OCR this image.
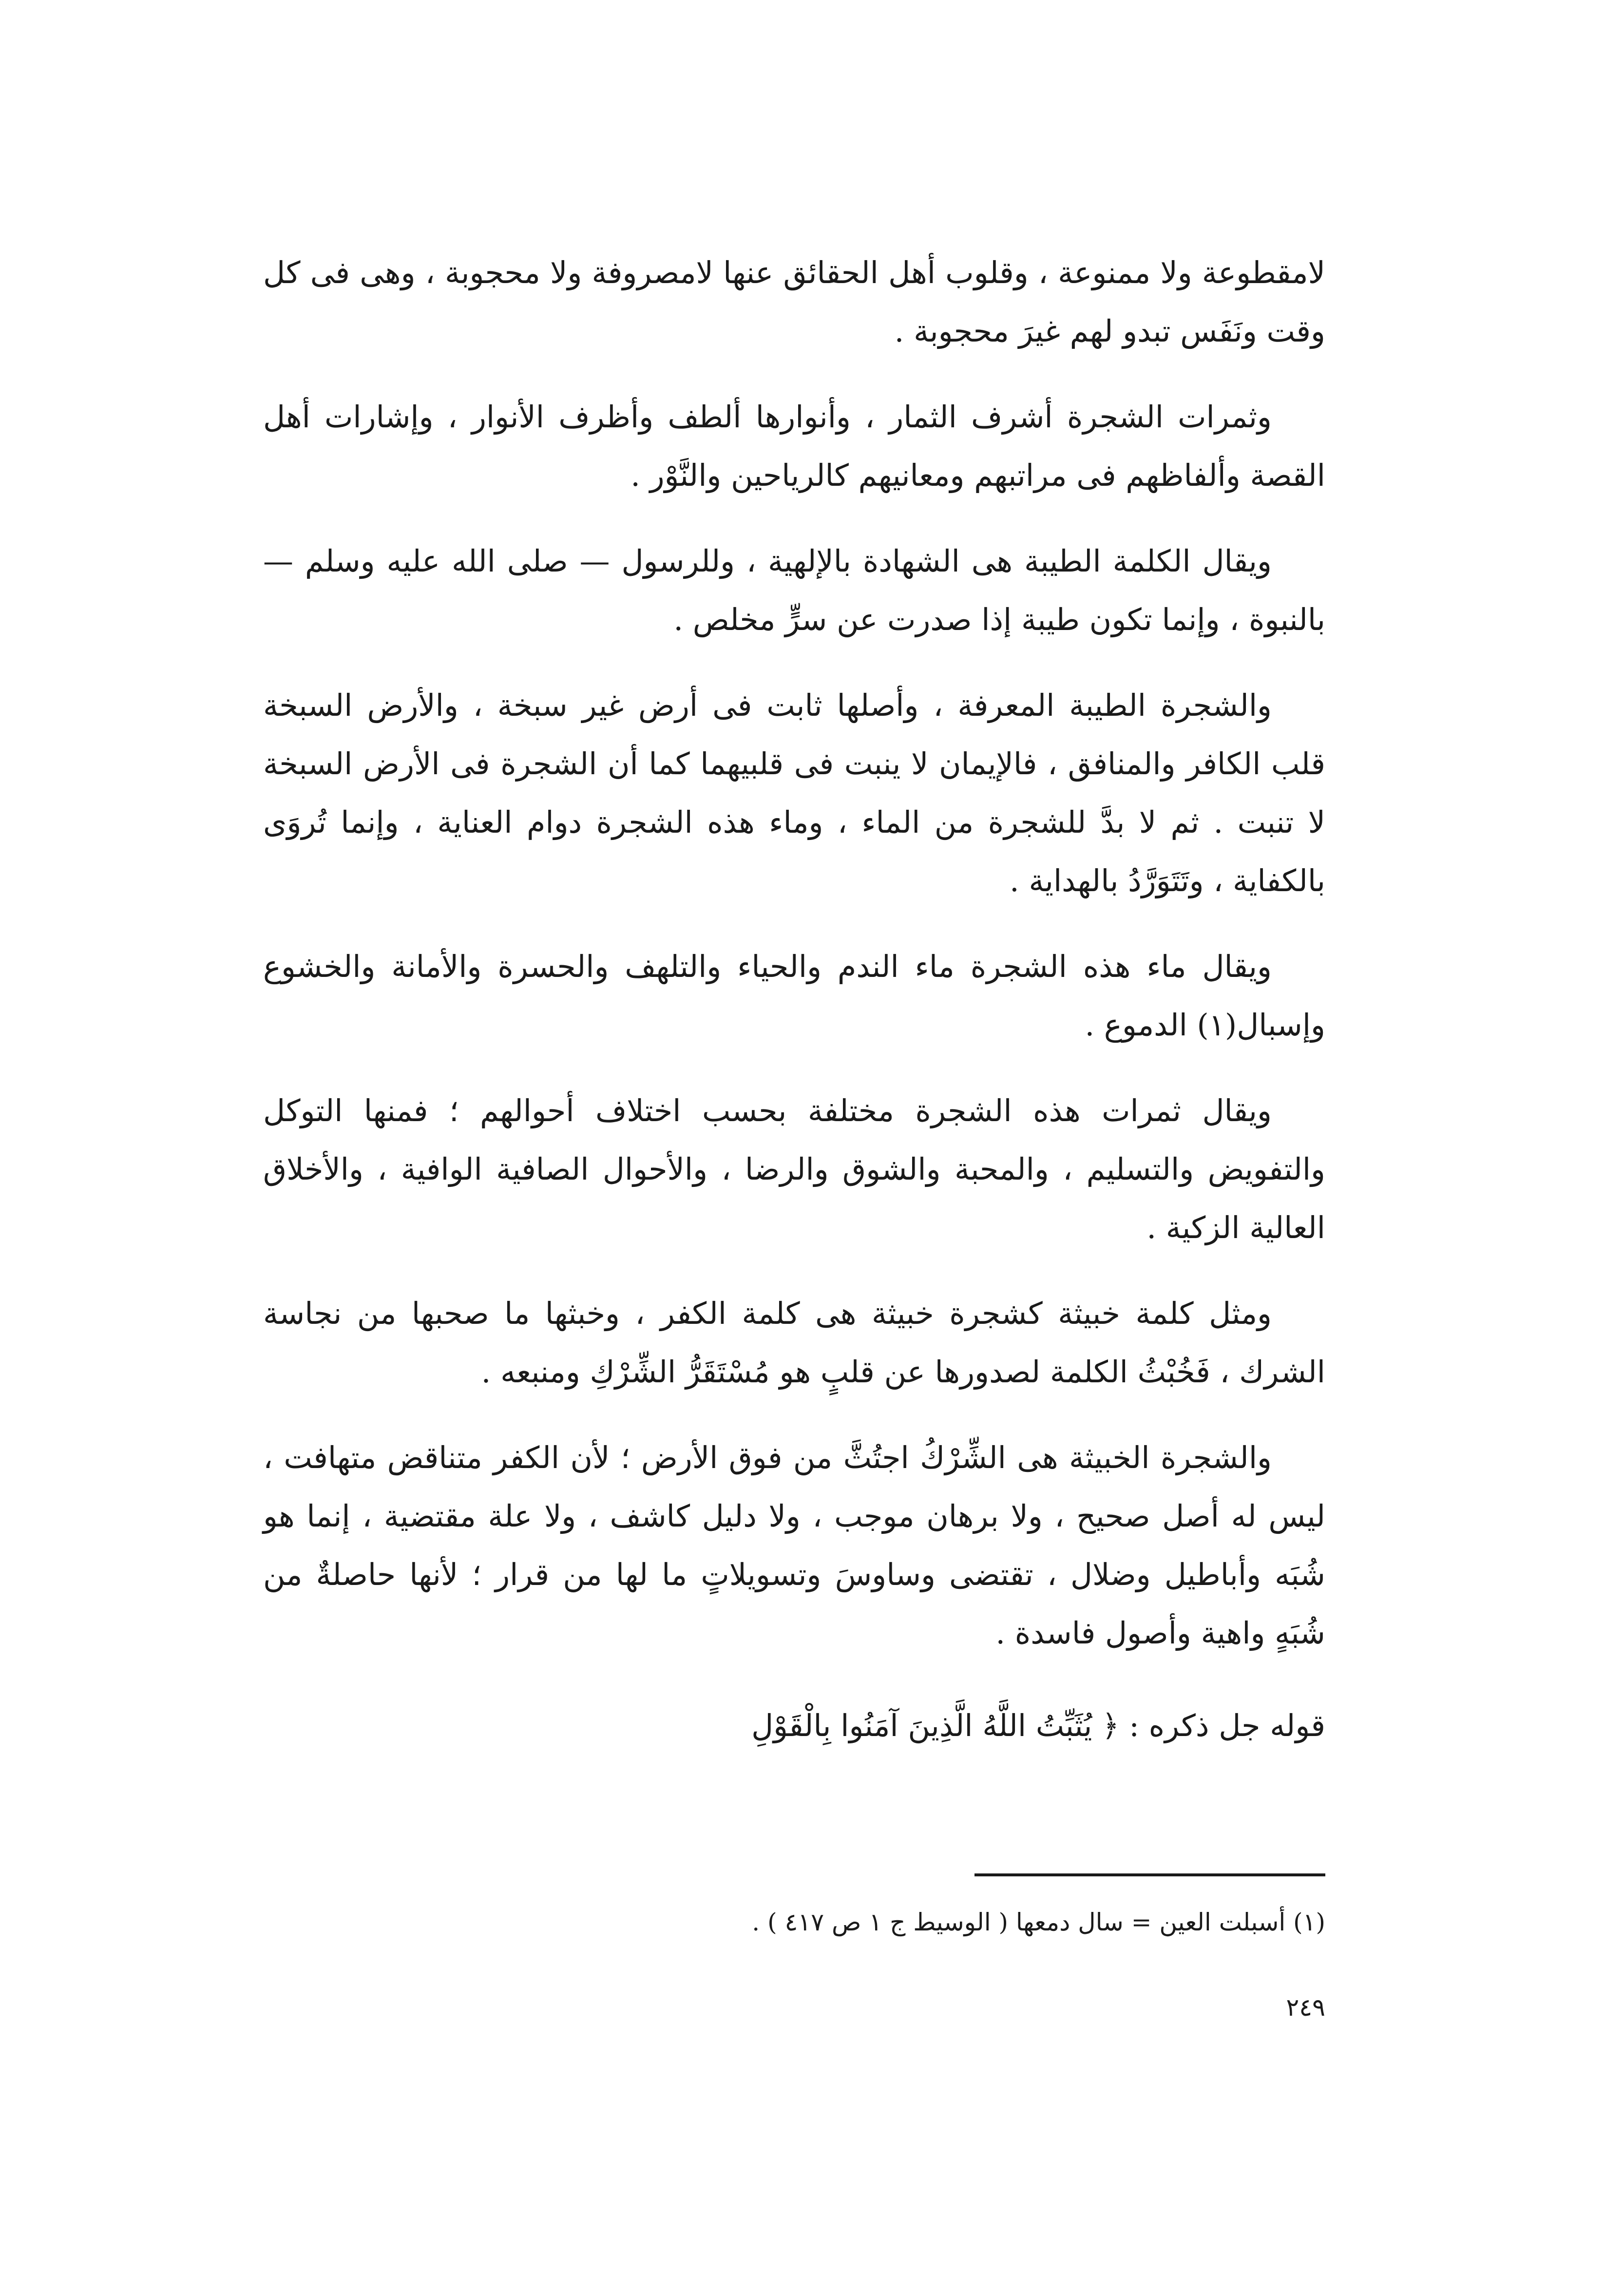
لامقطوعة ولا ممنوعة ، وقلوب أهل الحقائق عنها لامصروفة ولا محجوبة ، وهى فى كل وقت ونَفَس تبدو لهم غيرَ محجوبة .

وثمرات الشجرة أشرف الثمار ، وأنوارها ألطف وأظرف الأنوار ، وإشارات أهل القصة وألفاظهم فى مراتبهم ومعانيهم كالرياحين والنَّوْر .

ويقال الكلمة الطيبة هى الشهادة بالإلهية ، وللرسول — صلى الله عليه وسلم — بالنبوة ، وإنما تكون طيبة إذا صدرت عن سرٍّ مخلص .

والشجرة الطيبة المعرفة ، وأصلها ثابت فى أرض غير سبخة ، والأرض السبخة قلب الكافر والمنافق ، فالإيمان لا ينبت فى قلبيهما كما أن الشجرة فى الأرض السبخة لا تنبت . ثم لا بدَّ للشجرة من الماء ، وماء هذه الشجرة دوام العناية ، وإنما تُروَى بالكفاية ، وتَتَوَرَّدُ بالهداية .

ويقال ماء هذه الشجرة ماء الندم والحياء والتلهف والحسرة والأمانة والخشوع وإسبال(١) الدموع .

ويقال ثمرات هذه الشجرة مختلفة بحسب اختلاف أحوالهم ؛ فمنها التوكل والتفويض والتسليم ، والمحبة والشوق والرضا ، والأحوال الصافية الوافية ، والأخلاق العالية الزكية .

ومثل كلمة خبيثة كشجرة خبيثة هى كلمة الكفر ، وخبثها ما صحبها من نجاسة الشرك ، فَخُبْثُ الكلمة لصدورها عن قلبٍ هو مُسْتَقَرُّ الشِّرْكِ ومنبعه .

والشجرة الخبيثة هى الشِّرْكُ اجتُثَّ من فوق الأرض ؛ لأن الكفر متناقض متهافت ، ليس له أصل صحيح ، ولا برهان موجب ، ولا دليل كاشف ، ولا علة مقتضية ، إنما هو شُبَه وأباطيل وضلال ، تقتضى وساوسَ وتسويلاتٍ ما لها من قرار ؛ لأنها حاصلةٌ من شُبَهٍ واهية وأصول فاسدة .

قوله جل ذكره : ﴿ يُثَبِّتُ اللَّهُ الَّذِينَ آمَنُوا بِالْقَوْلِ

(١) أسبلت العين = سال دمعها ( الوسيط ج ١ ص ٤١٧ ) .
٢٤٩
